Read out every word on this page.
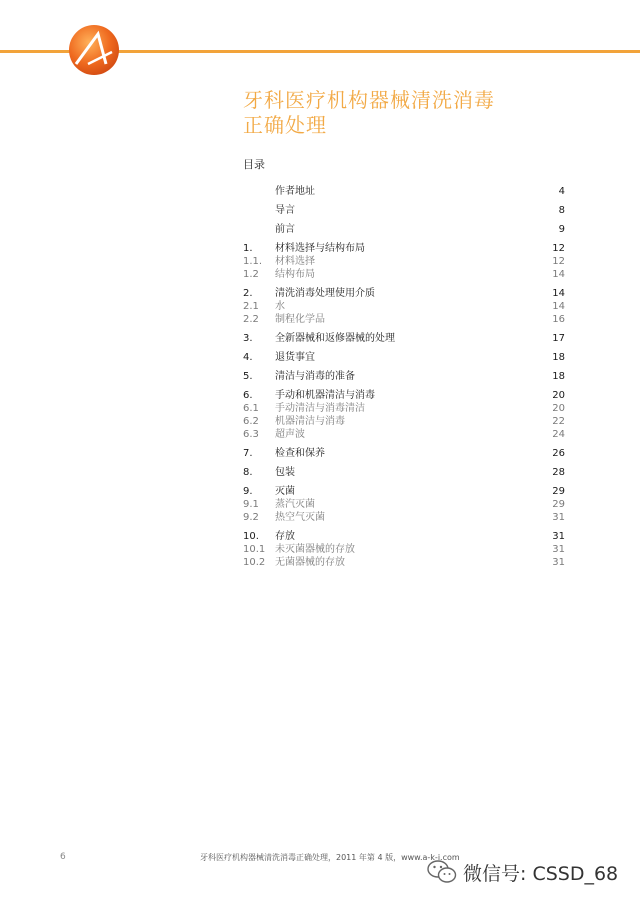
牙科医疗机构器械清洗消毒
正确处理
目录
作者地址	4
导言	8
前言	9
1. 材料选择与结构布局	12
1.1. 材料选择	12
1.2 结构布局	14
2. 清洗消毒处理使用介质	14
2.1 水	14
2.2 制程化学品	16
3. 全新器械和返修器械的处理	17
4. 退货事宜	18
5. 清洁与消毒的准备	18
6. 手动和机器清洁与消毒	20
6.1 手动清洁与消毒清洁	20
6.2 机器清洁与消毒	22
6.3 超声波	24
7. 检查和保养	26
8. 包装	28
9. 灭菌	29
9.1 蒸汽灭菌	29
9.2 热空气灭菌	31
10. 存放	31
10.1 未灭菌器械的存放	31
10.2 无菌器械的存放	31
6	牙科医疗机构器械清洗消毒正确处理，2011 年第 4 版，www.a-k-i.com
微信号: CSSD_68
